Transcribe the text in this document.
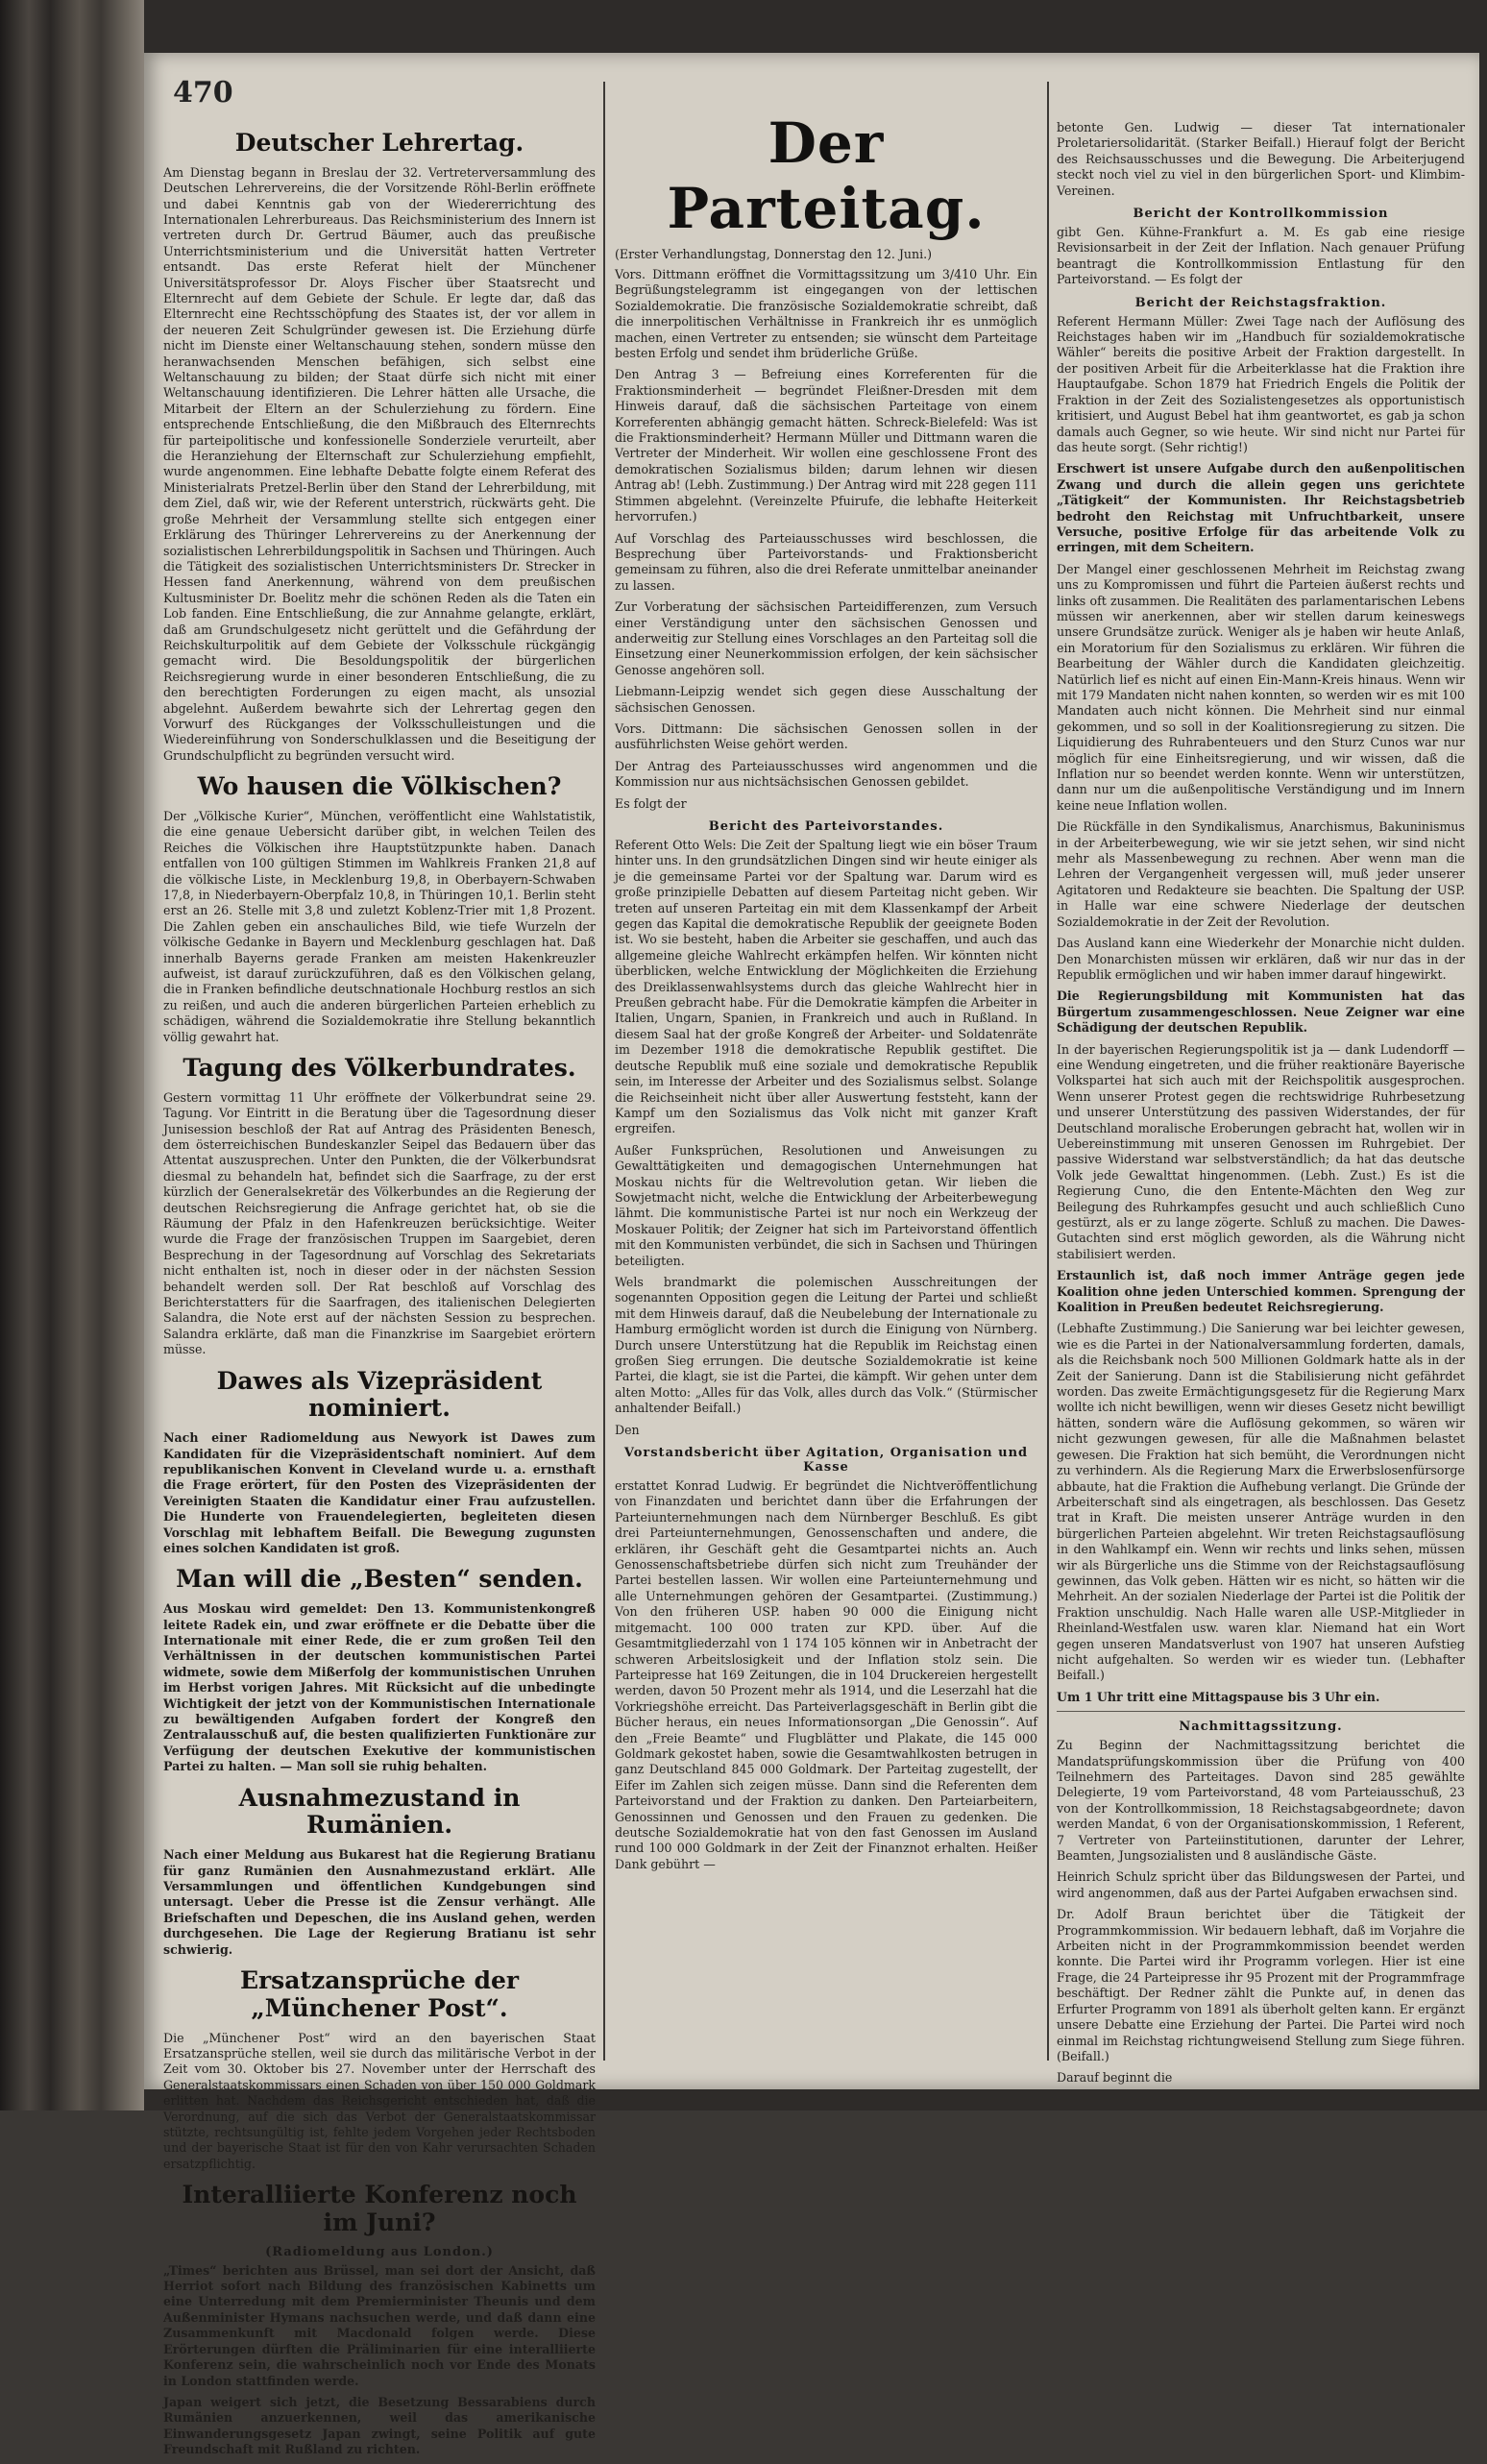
470
Deutscher Lehrertag.

Am Dienstag begann in Breslau der 32. Vertreterversammlung des Deutschen Lehrervereins, die der Vorsitzende Röhl-Berlin eröffnete und dabei Kenntnis gab von der Wiedererrichtung des Internationalen Lehrerbureaus. Das Reichsministerium des Innern ist vertreten durch Dr. Gertrud Bäumer, auch das preußische Unterrichtsministerium und die Universität hatten Vertreter entsandt. Das erste Referat hielt der Münchener Universitätsprofessor Dr. Aloys Fischer über Staatsrecht und Elternrecht auf dem Gebiete der Schule. Er legte dar, daß das Elternrecht eine Rechtsschöpfung des Staates ist, der vor allem in der neueren Zeit Schulgründer gewesen ist. Die Erziehung dürfe nicht im Dienste einer Weltanschauung stehen, sondern müsse den heranwachsenden Menschen befähigen, sich selbst eine Weltanschauung zu bilden; der Staat dürfe sich nicht mit einer Weltanschauung identifizieren. Die Lehrer hätten alle Ursache, die Mitarbeit der Eltern an der Schulerziehung zu fördern. Eine entsprechende Entschließung, die den Mißbrauch des Elternrechts für parteipolitische und konfessionelle Sonderziele verurteilt, aber die Heranziehung der Elternschaft zur Schulerziehung empfiehlt, wurde angenommen. Eine lebhafte Debatte folgte einem Referat des Ministerialrats Pretzel-Berlin über den Stand der Lehrerbildung, mit dem Ziel, daß wir, wie der Referent unterstrich, rückwärts geht. Die große Mehrheit der Versammlung stellte sich entgegen einer Erklärung des Thüringer Lehrervereins zu der Anerkennung der sozialistischen Lehrerbildungspolitik in Sachsen und Thüringen. Auch die Tätigkeit des sozialistischen Unterrichtsministers Dr. Strecker in Hessen fand Anerkennung, während von dem preußischen Kultusminister Dr. Boelitz mehr die schönen Reden als die Taten ein Lob fanden. Eine Entschließung, die zur Annahme gelangte, erklärt, daß am Grundschulgesetz nicht gerüttelt und die Gefährdung der Reichskulturpolitik auf dem Gebiete der Volksschule rückgängig gemacht wird. Die Besoldungspolitik der bürgerlichen Reichsregierung wurde in einer besonderen Entschließung, die zu den berechtigten Forderungen zu eigen macht, als unsozial abgelehnt. Außerdem bewahrte sich der Lehrertag gegen den Vorwurf des Rückganges der Volksschulleistungen und die Wiedereinführung von Sonderschulklassen und die Beseitigung der Grundschulpflicht zu begründen versucht wird.

Wo hausen die Völkischen?

Der „Völkische Kurier“, München, veröffentlicht eine Wahlstatistik, die eine genaue Uebersicht darüber gibt, in welchen Teilen des Reiches die Völkischen ihre Hauptstützpunkte haben. Danach entfallen von 100 gültigen Stimmen im Wahlkreis Franken 21,8 auf die völkische Liste, in Mecklenburg 19,8, in Oberbayern-Schwaben 17,8, in Niederbayern-Oberpfalz 10,8, in Thüringen 10,1. Berlin steht erst an 26. Stelle mit 3,8 und zuletzt Koblenz-Trier mit 1,8 Prozent. Die Zahlen geben ein anschauliches Bild, wie tiefe Wurzeln der völkische Gedanke in Bayern und Mecklenburg geschlagen hat. Daß innerhalb Bayerns gerade Franken am meisten Hakenkreuzler aufweist, ist darauf zurückzuführen, daß es den Völkischen gelang, die in Franken befindliche deutschnationale Hochburg restlos an sich zu reißen, und auch die anderen bürgerlichen Parteien erheblich zu schädigen, während die Sozialdemokratie ihre Stellung bekanntlich völlig gewahrt hat.

Tagung des Völkerbundrates.

Gestern vormittag 11 Uhr eröffnete der Völkerbundrat seine 29. Tagung. Vor Eintritt in die Beratung über die Tagesordnung dieser Junisession beschloß der Rat auf Antrag des Präsidenten Benesch, dem österreichischen Bundeskanzler Seipel das Bedauern über das Attentat auszusprechen. Unter den Punkten, die der Völkerbundsrat diesmal zu behandeln hat, befindet sich die Saarfrage, zu der erst kürzlich der Generalsekretär des Völkerbundes an die Regierung der deutschen Reichsregierung die Anfrage gerichtet hat, ob sie die Räumung der Pfalz in den Hafenkreuzen berücksichtige. Weiter wurde die Frage der französischen Truppen im Saargebiet, deren Besprechung in der Tagesordnung auf Vorschlag des Sekretariats nicht enthalten ist, noch in dieser oder in der nächsten Session behandelt werden soll. Der Rat beschloß auf Vorschlag des Berichterstatters für die Saarfragen, des italienischen Delegierten Salandra, die Note erst auf der nächsten Session zu besprechen. Salandra erklärte, daß man die Finanzkrise im Saargebiet erörtern müsse.

Dawes als Vizepräsident nominiert.

Nach einer Radiomeldung aus Newyork ist Dawes zum Kandidaten für die Vizepräsidentschaft nominiert. Auf dem republikanischen Konvent in Cleveland wurde u. a. ernsthaft die Frage erörtert, für den Posten des Vizepräsidenten der Vereinigten Staaten die Kandidatur einer Frau aufzustellen. Die Hunderte von Frauendelegierten, begleiteten diesen Vorschlag mit lebhaftem Beifall. Die Bewegung zugunsten eines solchen Kandidaten ist groß.

Man will die „Besten“ senden.

Aus Moskau wird gemeldet: Den 13. Kommunistenkongreß leitete Radek ein, und zwar eröffnete er die Debatte über die Internationale mit einer Rede, die er zum großen Teil den Verhältnissen in der deutschen kommunistischen Partei widmete, sowie dem Mißerfolg der kommunistischen Unruhen im Herbst vorigen Jahres. Mit Rücksicht auf die unbedingte Wichtigkeit der jetzt von der Kommunistischen Internationale zu bewältigenden Aufgaben fordert der Kongreß den Zentralausschuß auf, die besten qualifizierten Funktionäre zur Verfügung der deutschen Exekutive der kommunistischen Partei zu halten. — Man soll sie ruhig behalten.

Ausnahmezustand in Rumänien.

Nach einer Meldung aus Bukarest hat die Regierung Bratianu für ganz Rumänien den Ausnahmezustand erklärt. Alle Versammlungen und öffentlichen Kundgebungen sind untersagt. Ueber die Presse ist die Zensur verhängt. Alle Briefschaften und Depeschen, die ins Ausland gehen, werden durchgesehen. Die Lage der Regierung Bratianu ist sehr schwierig.

Ersatzansprüche der „Münchener Post“.

Die „Münchener Post“ wird an den bayerischen Staat Ersatzansprüche stellen, weil sie durch das militärische Verbot in der Zeit vom 30. Oktober bis 27. November unter der Herrschaft des Generalstaatskommissars einen Schaden von über 150 000 Goldmark erlitten hat. Nachdem das Reichsgericht entschieden hat, daß die Verordnung, auf die sich das Verbot der Generalstaatskommissar stützte, rechtsungültig ist, fehlte jedem Vorgehen jeder Rechtsboden und der bayerische Staat ist für den von Kahr verursachten Schaden ersatzpflichtig.

Interalliierte Konferenz noch im Juni?
(Radiomeldung aus London.)

„Times“ berichten aus Brüssel, man sei dort der Ansicht, daß Herriot sofort nach Bildung des französischen Kabinetts um eine Unterredung mit dem Premierminister Theunis und dem Außenminister Hymans nachsuchen werde, und daß dann eine Zusammenkunft mit Macdonald folgen werde. Diese Erörterungen dürften die Präliminarien für eine interalliierte Konferenz sein, die wahrscheinlich noch vor Ende des Monats in London stattfinden werde.

Japan weigert sich jetzt, die Besetzung Bessarabiens durch Rumänien anzuerkennen, weil das amerikanische Einwanderungsgesetz Japan zwingt, seine Politik auf gute Freundschaft mit Rußland zu richten.

Der Parteitag.
(Erster Verhandlungstag, Donnerstag den 12. Juni.)

Vors. Dittmann eröffnet die Vormittagssitzung um 3/410 Uhr. Ein Begrüßungstelegramm ist eingegangen von der lettischen Sozialdemokratie. Die französische Sozialdemokratie schreibt, daß die innerpolitischen Verhältnisse in Frankreich ihr es unmöglich machen, einen Vertreter zu entsenden; sie wünscht dem Parteitage besten Erfolg und sendet ihm brüderliche Grüße.

Den Antrag 3 — Befreiung eines Korreferenten für die Fraktionsminderheit — begründet Fleißner-Dresden mit dem Hinweis darauf, daß die sächsischen Parteitage von einem Korreferenten abhängig gemacht hätten. Schreck-Bielefeld: Was ist die Fraktionsminderheit? Hermann Müller und Dittmann waren die Vertreter der Minderheit. Wir wollen eine geschlossene Front des demokratischen Sozialismus bilden; darum lehnen wir diesen Antrag ab! (Lebh. Zustimmung.) Der Antrag wird mit 228 gegen 111 Stimmen abgelehnt. (Vereinzelte Pfuirufe, die lebhafte Heiterkeit hervorrufen.)

Auf Vorschlag des Parteiausschusses wird beschlossen, die Besprechung über Parteivorstands- und Fraktionsbericht gemeinsam zu führen, also die drei Referate unmittelbar aneinander zu lassen.

Zur Vorberatung der sächsischen Parteidifferenzen, zum Versuch einer Verständigung unter den sächsischen Genossen und anderweitig zur Stellung eines Vorschlages an den Parteitag soll die Einsetzung einer Neunerkommission erfolgen, der kein sächsischer Genosse angehören soll.

Liebmann-Leipzig wendet sich gegen diese Ausschaltung der sächsischen Genossen.

Vors. Dittmann: Die sächsischen Genossen sollen in der ausführlichsten Weise gehört werden.

Der Antrag des Parteiausschusses wird angenommen und die Kommission nur aus nichtsächsischen Genossen gebildet.

Es folgt der

Bericht des Parteivorstandes.

Referent Otto Wels: Die Zeit der Spaltung liegt wie ein böser Traum hinter uns. In den grundsätzlichen Dingen sind wir heute einiger als je die gemeinsame Partei vor der Spaltung war. Darum wird es große prinzipielle Debatten auf diesem Parteitag nicht geben. Wir treten auf unseren Parteitag ein mit dem Klassenkampf der Arbeit gegen das Kapital die demokratische Republik der geeignete Boden ist. Wo sie besteht, haben die Arbeiter sie geschaffen, und auch das allgemeine gleiche Wahlrecht erkämpfen helfen. Wir könnten nicht überblicken, welche Entwicklung der Möglichkeiten die Erziehung des Dreiklassenwahlsystems durch das gleiche Wahlrecht hier in Preußen gebracht habe. Für die Demokratie kämpfen die Arbeiter in Italien, Ungarn, Spanien, in Frankreich und auch in Rußland. In diesem Saal hat der große Kongreß der Arbeiter- und Soldatenräte im Dezember 1918 die demokratische Republik gestiftet. Die deutsche Republik muß eine soziale und demokratische Republik sein, im Interesse der Arbeiter und des Sozialismus selbst. Solange die Reichseinheit nicht über aller Auswertung feststeht, kann der Kampf um den Sozialismus das Volk nicht mit ganzer Kraft ergreifen.

Außer Funksprüchen, Resolutionen und Anweisungen zu Gewalttätigkeiten und demagogischen Unternehmungen hat Moskau nichts für die Weltrevolution getan. Wir lieben die Sowjetmacht nicht, welche die Entwicklung der Arbeiterbewegung lähmt. Die kommunistische Partei ist nur noch ein Werkzeug der Moskauer Politik; der Zeigner hat sich im Parteivorstand öffentlich mit den Kommunisten verbündet, die sich in Sachsen und Thüringen beteiligten.

Wels brandmarkt die polemischen Ausschreitungen der sogenannten Opposition gegen die Leitung der Partei und schließt mit dem Hinweis darauf, daß die Neubelebung der Internationale zu Hamburg ermöglicht worden ist durch die Einigung von Nürnberg. Durch unsere Unterstützung hat die Republik im Reichstag einen großen Sieg errungen. Die deutsche Sozialdemokratie ist keine Partei, die klagt, sie ist die Partei, die kämpft. Wir gehen unter dem alten Motto: „Alles für das Volk, alles durch das Volk.“ (Stürmischer anhaltender Beifall.)

Den

Vorstandsbericht über Agitation, Organisation und Kasse

erstattet Konrad Ludwig. Er begründet die Nichtveröffentlichung von Finanzdaten und berichtet dann über die Erfahrungen der Parteiunternehmungen nach dem Nürnberger Beschluß. Es gibt drei Parteiunternehmungen, Genossenschaften und andere, die erklären, ihr Geschäft geht die Gesamtpartei nichts an. Auch Genossenschaftsbetriebe dürfen sich nicht zum Treuhänder der Partei bestellen lassen. Wir wollen eine Parteiunternehmung und alle Unternehmungen gehören der Gesamtpartei. (Zustimmung.) Von den früheren USP. haben 90 000 die Einigung nicht mitgemacht. 100 000 traten zur KPD. über. Auf die Gesamtmitgliederzahl von 1 174 105 können wir in Anbetracht der schweren Arbeitslosigkeit und der Inflation stolz sein. Die Parteipresse hat 169 Zeitungen, die in 104 Druckereien hergestellt werden, davon 50 Prozent mehr als 1914, und die Leserzahl hat die Vorkriegshöhe erreicht. Das Parteiverlagsgeschäft in Berlin gibt die Bücher heraus, ein neues Informationsorgan „Die Genossin“. Auf den „Freie Beamte“ und Flugblätter und Plakate, die 145 000 Goldmark gekostet haben, sowie die Gesamtwahlkosten betrugen in ganz Deutschland 845 000 Goldmark. Der Parteitag zugestellt, der Eifer im Zahlen sich zeigen müsse. Dann sind die Referenten dem Parteivorstand und der Fraktion zu danken. Den Parteiarbeitern, Genossinnen und Genossen und den Frauen zu gedenken. Die deutsche Sozialdemokratie hat von den fast Genossen im Ausland rund 100 000 Goldmark in der Zeit der Finanznot erhalten. Heißer Dank gebührt —

betonte Gen. Ludwig — dieser Tat internationaler Proletariersolidarität. (Starker Beifall.) Hierauf folgt der Bericht des Reichsausschusses und die Bewegung. Die Arbeiterjugend steckt noch viel zu viel in den bürgerlichen Sport- und Klimbim-Vereinen.

Bericht der Kontrollkommission

gibt Gen. Kühne-Frankfurt a. M. Es gab eine riesige Revisionsarbeit in der Zeit der Inflation. Nach genauer Prüfung beantragt die Kontrollkommission Entlastung für den Parteivorstand. — Es folgt der

Bericht der Reichstagsfraktion.

Referent Hermann Müller: Zwei Tage nach der Auflösung des Reichstages haben wir im „Handbuch für sozialdemokratische Wähler“ bereits die positive Arbeit der Fraktion dargestellt. In der positiven Arbeit für die Arbeiterklasse hat die Fraktion ihre Hauptaufgabe. Schon 1879 hat Friedrich Engels die Politik der Fraktion in der Zeit des Sozialistengesetzes als opportunistisch kritisiert, und August Bebel hat ihm geantwortet, es gab ja schon damals auch Gegner, so wie heute. Wir sind nicht nur Partei für das heute sorgt. (Sehr richtig!)

Erschwert ist unsere Aufgabe durch den außenpolitischen Zwang und durch die allein gegen uns gerichtete „Tätigkeit“ der Kommunisten. Ihr Reichstagsbetrieb bedroht den Reichstag mit Unfruchtbarkeit, unsere Versuche, positive Erfolge für das arbeitende Volk zu erringen, mit dem Scheitern.

Der Mangel einer geschlossenen Mehrheit im Reichstag zwang uns zu Kompromissen und führt die Parteien äußerst rechts und links oft zusammen. Die Realitäten des parlamentarischen Lebens müssen wir anerkennen, aber wir stellen darum keineswegs unsere Grundsätze zurück. Weniger als je haben wir heute Anlaß, ein Moratorium für den Sozialismus zu erklären. Wir führen die Bearbeitung der Wähler durch die Kandidaten gleichzeitig. Natürlich lief es nicht auf einen Ein-Mann-Kreis hinaus. Wenn wir mit 179 Mandaten nicht nahen konnten, so werden wir es mit 100 Mandaten auch nicht können. Die Mehrheit sind nur einmal gekommen, und so soll in der Koalitionsregierung zu sitzen. Die Liquidierung des Ruhrabenteuers und den Sturz Cunos war nur möglich für eine Einheitsregierung, und wir wissen, daß die Inflation nur so beendet werden konnte. Wenn wir unterstützen, dann nur um die außenpolitische Verständigung und im Innern keine neue Inflation wollen.

Die Rückfälle in den Syndikalismus, Anarchismus, Bakuninismus in der Arbeiterbewegung, wie wir sie jetzt sehen, wir sind nicht mehr als Massenbewegung zu rechnen. Aber wenn man die Lehren der Vergangenheit vergessen will, muß jeder unserer Agitatoren und Redakteure sie beachten. Die Spaltung der USP. in Halle war eine schwere Niederlage der deutschen Sozialdemokratie in der Zeit der Revolution.

Das Ausland kann eine Wiederkehr der Monarchie nicht dulden. Den Monarchisten müssen wir erklären, daß wir nur das in der Republik ermöglichen und wir haben immer darauf hingewirkt.

Die Regierungsbildung mit Kommunisten hat das Bürgertum zusammengeschlossen. Neue Zeigner war eine Schädigung der deutschen Republik.

In der bayerischen Regierungspolitik ist ja — dank Ludendorff — eine Wendung eingetreten, und die früher reaktionäre Bayerische Volkspartei hat sich auch mit der Reichspolitik ausgesprochen. Wenn unserer Protest gegen die rechtswidrige Ruhrbesetzung und unserer Unterstützung des passiven Widerstandes, der für Deutschland moralische Eroberungen gebracht hat, wollen wir in Uebereinstimmung mit unseren Genossen im Ruhrgebiet. Der passive Widerstand war selbstverständlich; da hat das deutsche Volk jede Gewalttat hingenommen. (Lebh. Zust.) Es ist die Regierung Cuno, die den Entente-Mächten den Weg zur Beilegung des Ruhrkampfes gesucht und auch schließlich Cuno gestürzt, als er zu lange zögerte. Schluß zu machen. Die Dawes-Gutachten sind erst möglich geworden, als die Währung nicht stabilisiert werden.

Erstaunlich ist, daß noch immer Anträge gegen jede Koalition ohne jeden Unterschied kommen. Sprengung der Koalition in Preußen bedeutet Reichsregierung.

(Lebhafte Zustimmung.) Die Sanierung war bei leichter gewesen, wie es die Partei in der Nationalversammlung forderten, damals, als die Reichsbank noch 500 Millionen Goldmark hatte als in der Zeit der Sanierung. Dann ist die Stabilisierung nicht gefährdet worden. Das zweite Ermächtigungsgesetz für die Regierung Marx wollte ich nicht bewilligen, wenn wir dieses Gesetz nicht bewilligt hätten, sondern wäre die Auflösung gekommen, so wären wir nicht gezwungen gewesen, für alle die Maßnahmen belastet gewesen. Die Fraktion hat sich bemüht, die Verordnungen nicht zu verhindern. Als die Regierung Marx die Erwerbslosenfürsorge abbaute, hat die Fraktion die Aufhebung verlangt. Die Gründe der Arbeiterschaft sind als eingetragen, als beschlossen. Das Gesetz trat in Kraft. Die meisten unserer Anträge wurden in den bürgerlichen Parteien abgelehnt. Wir treten Reichstagsauflösung in den Wahlkampf ein. Wenn wir rechts und links sehen, müssen wir als Bürgerliche uns die Stimme von der Reichstagsauflösung gewinnen, das Volk geben. Hätten wir es nicht, so hätten wir die Mehrheit. An der sozialen Niederlage der Partei ist die Politik der Fraktion unschuldig. Nach Halle waren alle USP.-Mitglieder in Rheinland-Westfalen usw. waren klar. Niemand hat ein Wort gegen unseren Mandatsverlust von 1907 hat unseren Aufstieg nicht aufgehalten. So werden wir es wieder tun. (Lebhafter Beifall.)

Um 1 Uhr tritt eine Mittagspause bis 3 Uhr ein.

Nachmittagssitzung.

Zu Beginn der Nachmittagssitzung berichtet die Mandatsprüfungskommission über die Prüfung von 400 Teilnehmern des Parteitages. Davon sind 285 gewählte Delegierte, 19 vom Parteivorstand, 48 vom Parteiausschuß, 23 von der Kontrollkommission, 18 Reichstagsabgeordnete; davon werden Mandat, 6 von der Organisationskommission, 1 Referent, 7 Vertreter von Parteiinstitutionen, darunter der Lehrer, Beamten, Jungsozialisten und 8 ausländische Gäste.

Heinrich Schulz spricht über das Bildungswesen der Partei, und wird angenommen, daß aus der Partei Aufgaben erwachsen sind.

Dr. Adolf Braun berichtet über die Tätigkeit der Programmkommission. Wir bedauern lebhaft, daß im Vorjahre die Arbeiten nicht in der Programmkommission beendet werden konnte. Die Partei wird ihr Programm vorlegen. Hier ist eine Frage, die 24 Parteipresse ihr 95 Prozent mit der Programmfrage beschäftigt. Der Redner zählt die Punkte auf, in denen das Erfurter Programm von 1891 als überholt gelten kann. Er ergänzt unsere Debatte eine Erziehung der Partei. Die Partei wird noch einmal im Reichstag richtungweisend Stellung zum Siege führen. (Beifall.)

Darauf beginnt die
